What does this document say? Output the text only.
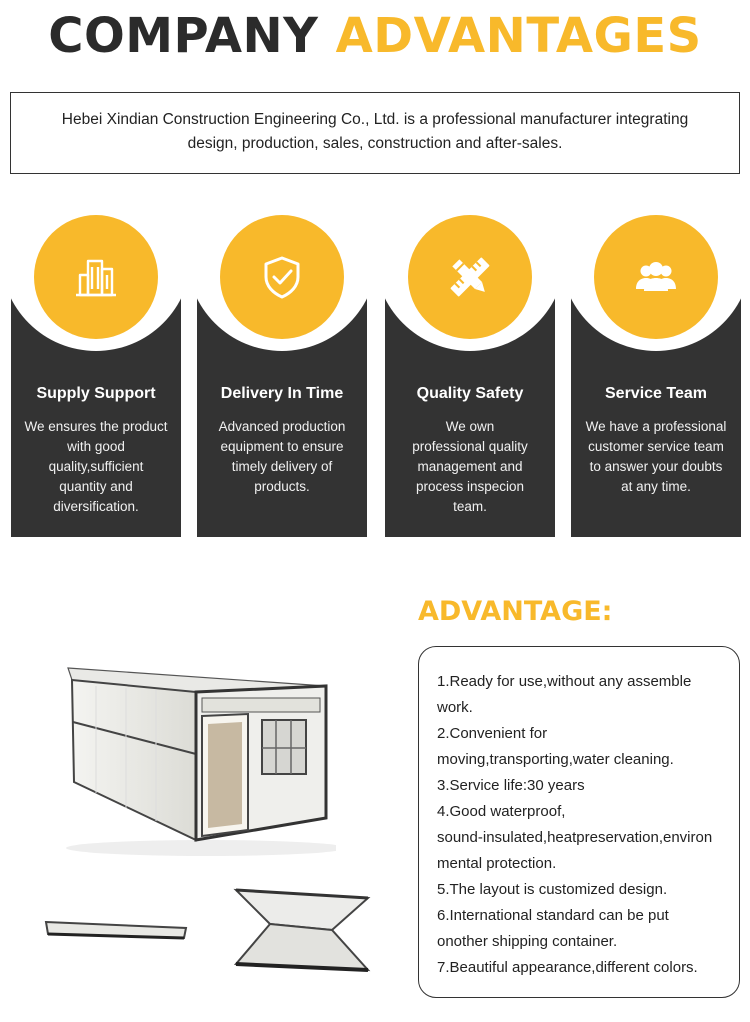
COMPANY ADVANTAGES
Hebei Xindian Construction Engineering Co., Ltd. is a professional manufacturer integrating
design, production, sales, construction and after-sales.
Supply Support
We ensures the product
with good
quality,sufficient
quantity and
diversification.
Delivery In Time
Advanced production
equipment to ensure
timely delivery of
products.
Quality Safety
We own
professional quality
management and
process inspecion
team.
Service Team
We have a professional
customer service team
to answer your doubts
at any time.
ADVANTAGE:
1.Ready for use,without any assemble
work.
2.Convenient for
moving,transporting,water cleaning.
3.Service life:30 years
4.Good waterproof,
sound-insulated,heatpreservation,environ
mental protection.
5.The layout is customized design.
6.International standard can be put
onother shipping container.
7.Beautiful appearance,different colors.
